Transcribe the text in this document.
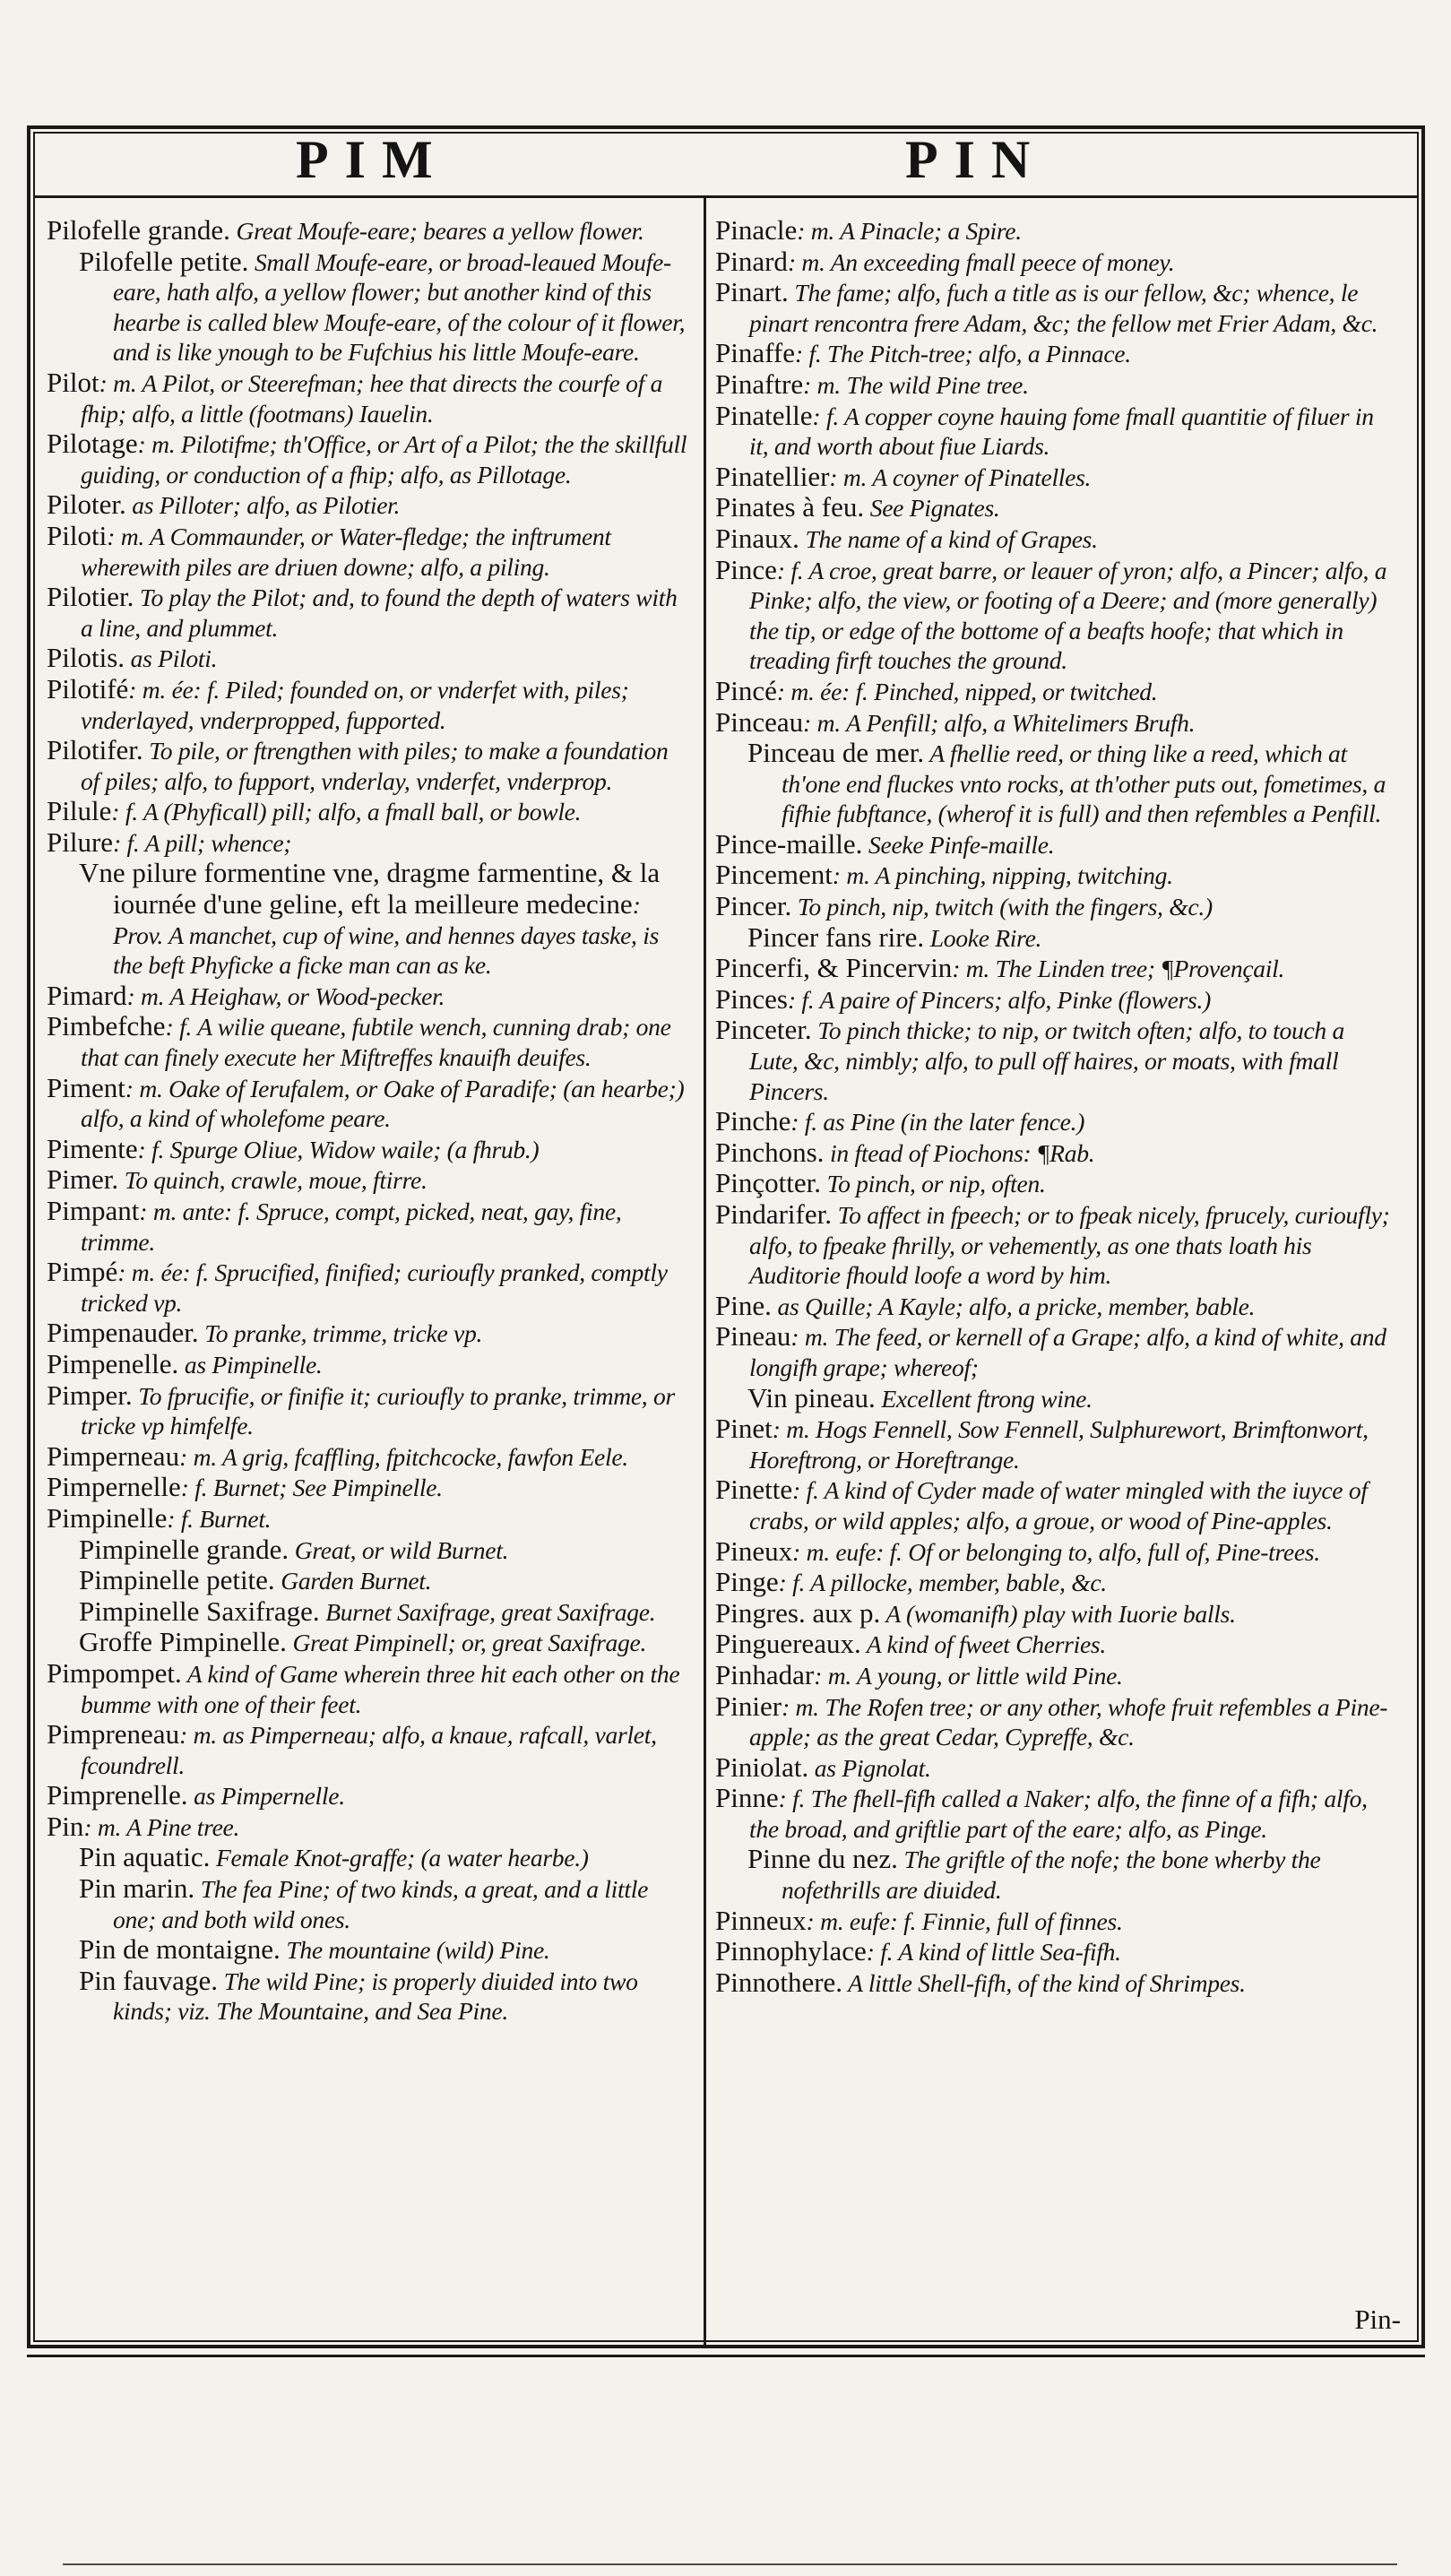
PIM	PIN

Pilofelle grande. Great Moufe-eare; beares a yellow flower.

Pilofelle petite. Small Moufe-eare, or broad-leaued Moufe-eare, hath alfo, a yellow flower; but another kind of this hearbe is called blew Moufe-eare, of the colour of it flower, and is like ynough to be Fufchius his little Moufe-eare.

Pilot: m. A Pilot, or Steerefman; hee that directs the courfe of a fhip; alfo, a little (footmans) Iauelin.

Pilotage: m. Pilotifme; th'Office, or Art of a Pilot; the the skillfull guiding, or conduction of a fhip; alfo, as Pillotage.

Piloter. as Pilloter; alfo, as Pilotier.

Piloti: m. A Commaunder, or Water-fledge; the inftrument wherewith piles are driuen downe; alfo, a piling.

Pilotier. To play the Pilot; and, to found the depth of waters with a line, and plummet.

Pilotis. as Piloti.

Pilotifé: m. ée: f. Piled; founded on, or vnderfet with, piles; vnderlayed, vnderpropped, fupported.

Pilotifer. To pile, or ftrengthen with piles; to make a foundation of piles; alfo, to fupport, vnderlay, vnderfet, vnderprop.

Pilule: f. A (Phyficall) pill; alfo, a fmall ball, or bowle.

Pilure: f. A pill; whence;

Vne pilure formentine vne, dragme farmentine, & la iournée d'une geline, eft la meilleure medecine: Prov. A manchet, cup of wine, and hennes dayes taske, is the beft Phyficke a ficke man can as ke.

Pimard: m. A Heighaw, or Wood-pecker.

Pimbefche: f. A wilie queane, fubtile wench, cunning drab; one that can finely execute her Miftreffes knauifh deuifes.

Piment: m. Oake of Ierufalem, or Oake of Paradife; (an hearbe;) alfo, a kind of wholefome peare.

Pimente: f. Spurge Oliue, Widow waile; (a fhrub.)

Pimer. To quinch, crawle, moue, ftirre.

Pimpant: m. ante: f. Spruce, compt, picked, neat, gay, fine, trimme.

Pimpé: m. ée: f. Sprucified, finified; curioufly pranked, comptly tricked vp.

Pimpenauder. To pranke, trimme, tricke vp.

Pimpenelle. as Pimpinelle.

Pimper. To fprucifie, or finifie it; curioufly to pranke, trimme, or tricke vp himfelfe.

Pimperneau: m. A grig, fcaffling, fpitchcocke, fawfon Eele.

Pimpernelle: f. Burnet; See Pimpinelle.

Pimpinelle: f. Burnet.

Pimpinelle grande. Great, or wild Burnet.

Pimpinelle petite. Garden Burnet.

Pimpinelle Saxifrage. Burnet Saxifrage, great Saxifrage.

Groffe Pimpinelle. Great Pimpinell; or, great Saxifrage.

Pimpompet. A kind of Game wherein three hit each other on the bumme with one of their feet.

Pimpreneau: m. as Pimperneau; alfo, a knaue, rafcall, varlet, fcoundrell.

Pimprenelle. as Pimpernelle.

Pin: m. A Pine tree.

Pin aquatic. Female Knot-graffe; (a water hearbe.)

Pin marin. The fea Pine; of two kinds, a great, and a little one; and both wild ones.

Pin de montaigne. The mountaine (wild) Pine.

Pin fauvage. The wild Pine; is properly diuided into two kinds; viz. The Mountaine, and Sea Pine.

Pinacle: m. A Pinacle; a Spire.

Pinard: m. An exceeding fmall peece of money.

Pinart. The fame; alfo, fuch a title as is our fellow, &c; whence, le pinart rencontra frere Adam, &c; the fellow met Frier Adam, &c.

Pinaffe: f. The Pitch-tree; alfo, a Pinnace.

Pinaftre: m. The wild Pine tree.

Pinatelle: f. A copper coyne hauing fome fmall quantitie of filuer in it, and worth about fiue Liards.

Pinatellier: m. A coyner of Pinatelles.

Pinates à feu. See Pignates.

Pinaux. The name of a kind of Grapes.

Pince: f. A croe, great barre, or leauer of yron; alfo, a Pincer; alfo, a Pinke; alfo, the view, or footing of a Deere; and (more generally) the tip, or edge of the bottome of a beafts hoofe; that which in treading firft touches the ground.

Pincé: m. ée: f. Pinched, nipped, or twitched.

Pinceau: m. A Penfill; alfo, a Whitelimers Brufh.

Pinceau de mer. A fhellie reed, or thing like a reed, which at th'one end fluckes vnto rocks, at th'other puts out, fometimes, a fifhie fubftance, (wherof it is full) and then refembles a Penfill.

Pince-maille. Seeke Pinfe-maille.

Pincement: m. A pinching, nipping, twitching.

Pincer. To pinch, nip, twitch (with the fingers, &c.)

Pincer fans rire. Looke Rire.

Pincerfi, & Pincervin: m. The Linden tree; ¶Provençail.

Pinces: f. A paire of Pincers; alfo, Pinke (flowers.)

Pinceter. To pinch thicke; to nip, or twitch often; alfo, to touch a Lute, &c, nimbly; alfo, to pull off haires, or moats, with fmall Pincers.

Pinche: f. as Pine (in the later fence.)

Pinchons. in ftead of Piochons: ¶Rab.

Pinçotter. To pinch, or nip, often.

Pindarifer. To affect in fpeech; or to fpeak nicely, fprucely, curioufly; alfo, to fpeake fhrilly, or vehemently, as one thats loath his Auditorie fhould loofe a word by him.

Pine. as Quille; A Kayle; alfo, a pricke, member, bable.

Pineau: m. The feed, or kernell of a Grape; alfo, a kind of white, and longifh grape; whereof;

Vin pineau. Excellent ftrong wine.

Pinet: m. Hogs Fennell, Sow Fennell, Sulphurewort, Brimftonwort, Horeftrong, or Horeftrange.

Pinette: f. A kind of Cyder made of water mingled with the iuyce of crabs, or wild apples; alfo, a groue, or wood of Pine-apples.

Pineux: m. eufe: f. Of or belonging to, alfo, full of, Pine-trees.

Pinge: f. A pillocke, member, bable, &c.

Pingres. aux p. A (womanifh) play with Iuorie balls.

Pinguereaux. A kind of fweet Cherries.

Pinhadar: m. A young, or little wild Pine.

Pinier: m. The Rofen tree; or any other, whofe fruit refembles a Pine-apple; as the great Cedar, Cypreffe, &c.

Piniolat. as Pignolat.

Pinne: f. The fhell-fifh called a Naker; alfo, the finne of a fifh; alfo, the broad, and griftlie part of the eare; alfo, as Pinge.

Pinne du nez. The griftle of the nofe; the bone wherby the nofethrills are diuided.

Pinneux: m. eufe: f. Finnie, full of finnes.

Pinnophylace: f. A kind of little Sea-fifh.

Pinnothere. A little Shell-fifh, of the kind of Shrimpes.

Pin-
